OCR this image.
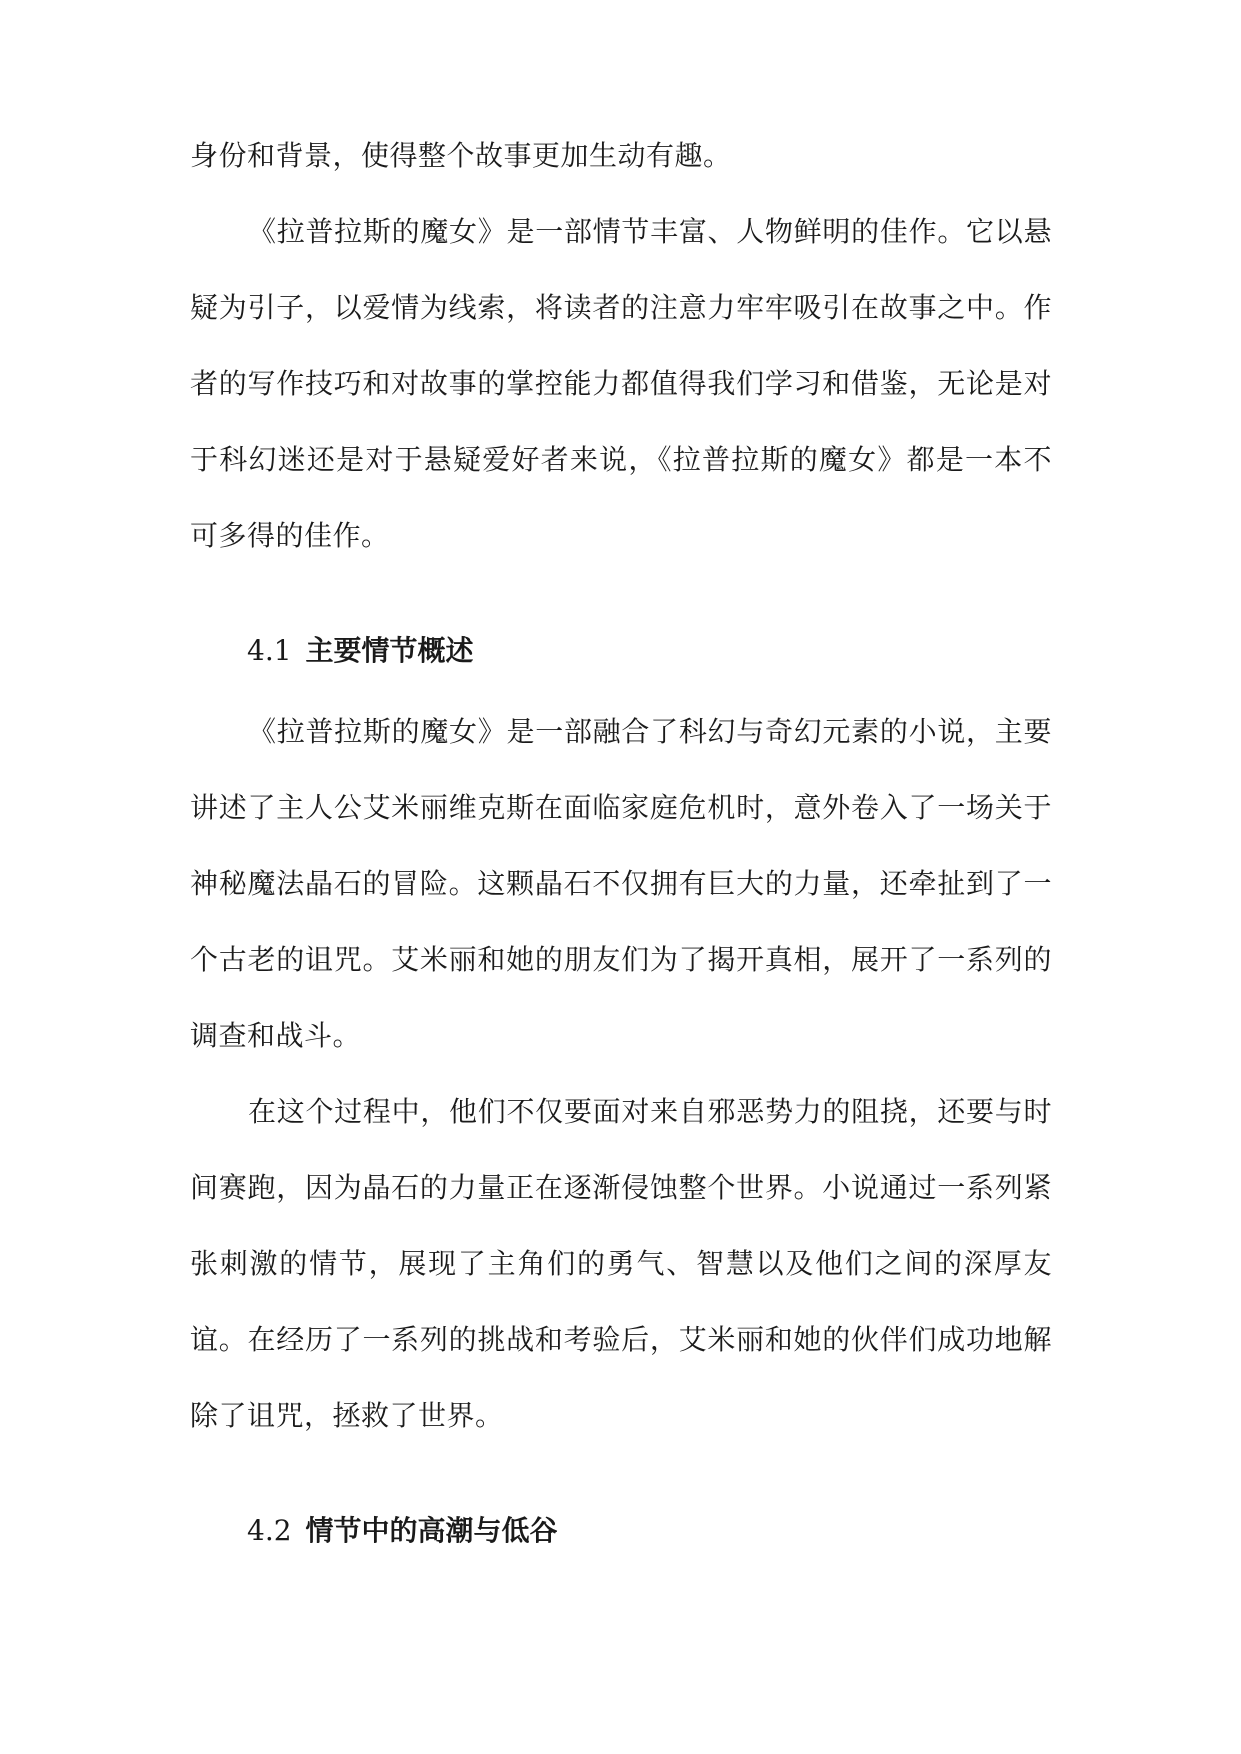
身份和背景，使得整个故事更加生动有趣。

《拉普拉斯的魔女》是一部情节丰富、人物鲜明的佳作。它以悬疑为引子，以爱情为线索，将读者的注意力牢牢吸引在故事之中。作者的写作技巧和对故事的掌控能力都值得我们学习和借鉴，无论是对于科幻迷还是对于悬疑爱好者来说，《拉普拉斯的魔女》都是一本不可多得的佳作。

4.1 主要情节概述

《拉普拉斯的魔女》是一部融合了科幻与奇幻元素的小说，主要讲述了主人公艾米丽维克斯在面临家庭危机时，意外卷入了一场关于神秘魔法晶石的冒险。这颗晶石不仅拥有巨大的力量，还牵扯到了一个古老的诅咒。艾米丽和她的朋友们为了揭开真相，展开了一系列的调查和战斗。

在这个过程中，他们不仅要面对来自邪恶势力的阻挠，还要与时间赛跑，因为晶石的力量正在逐渐侵蚀整个世界。小说通过一系列紧张刺激的情节，展现了主角们的勇气、智慧以及他们之间的深厚友谊。在经历了一系列的挑战和考验后，艾米丽和她的伙伴们成功地解除了诅咒，拯救了世界。

4.2 情节中的高潮与低谷
